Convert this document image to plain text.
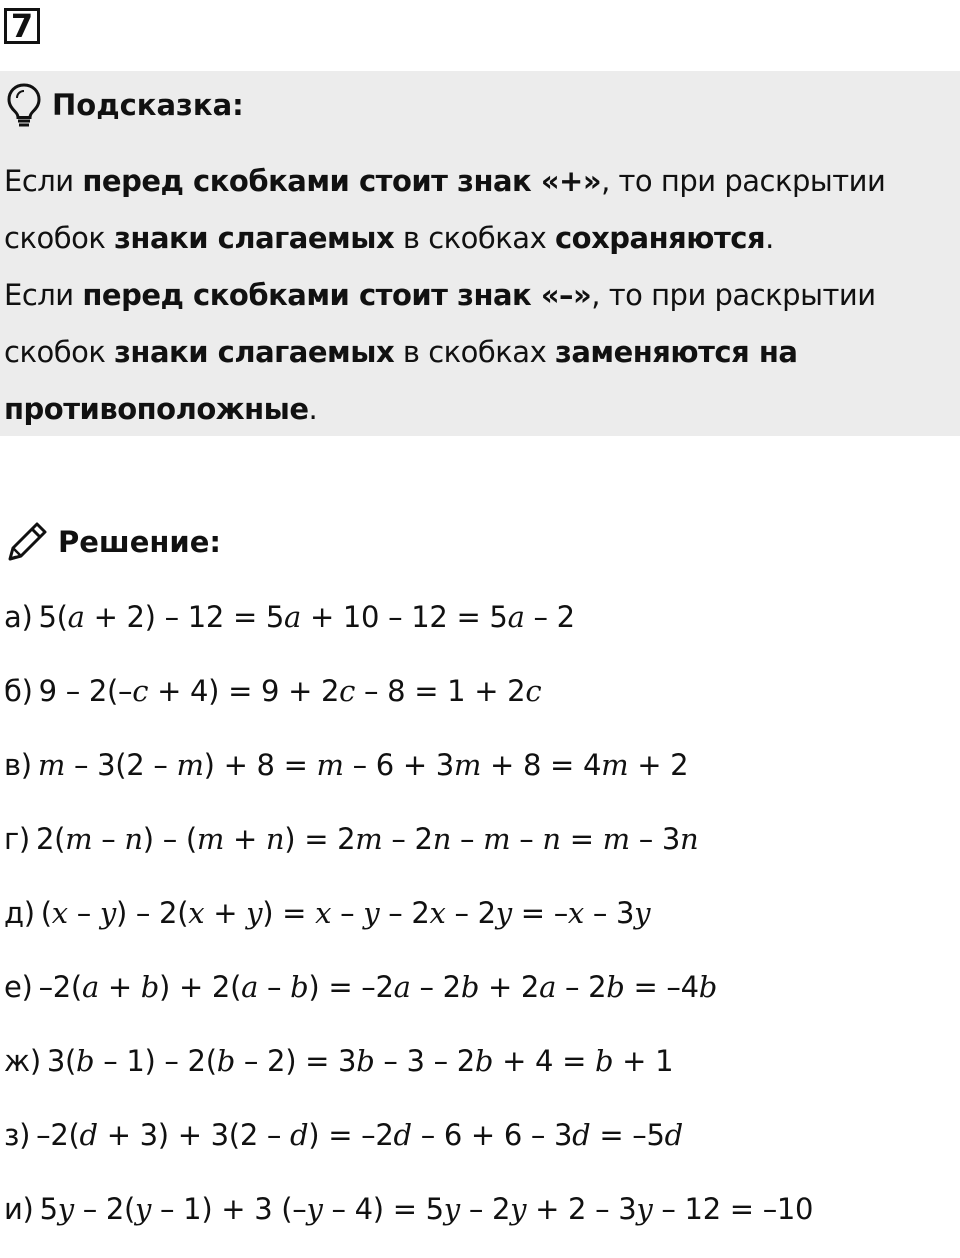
7
Подсказка:

Если перед скобками стоит знак «+», то при раскрытии скобок знаки слагаемых в скобках сохраняются.

Если перед скобками стоит знак «–», то при раскрытии скобок знаки слагаемых в скобках заменяются на противоположные.

Решение:
а) 5(a + 2) – 12 = 5a + 10 – 12 = 5a – 2
б) 9 – 2(–c + 4) = 9 + 2c – 8 = 1 + 2c
в) m – 3(2 – m) + 8 = m – 6 + 3m + 8 = 4m + 2
г) 2(m – n) – (m + n) = 2m – 2n – m – n = m – 3n
д) (x – y) – 2(x + y) = x – y – 2x – 2y = –x – 3y
е) –2(a + b) + 2(a – b) = –2a – 2b + 2a – 2b = –4b
ж) 3(b – 1) – 2(b – 2) = 3b – 3 – 2b + 4 = b + 1
з) –2(d + 3) + 3(2 – d) = –2d – 6 + 6 – 3d = –5d
и) 5y – 2(y – 1) + 3 (–y – 4) = 5y – 2y + 2 – 3y – 12 = –10
